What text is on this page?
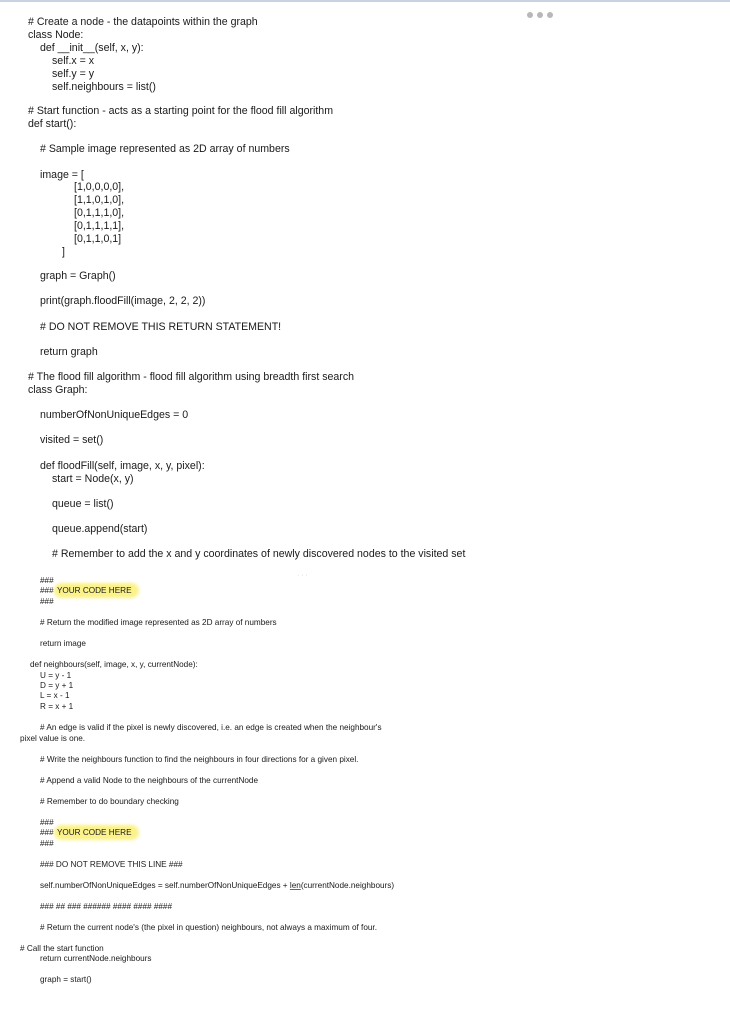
· · ·
# Create a node - the datapoints within the graph
class Node:
def __init__(self, x, y):
self.x = x
self.y = y
self.neighbours = list()
# Start function - acts as a starting point for the flood fill algorithm
def start():
# Sample image represented as 2D array of numbers
image = [
[1,0,0,0,0],
[1,1,0,1,0],
[0,1,1,1,0],
[0,1,1,1,1],
[0,1,1,0,1]
]
graph = Graph()
print(graph.floodFill(image, 2, 2, 2))
# DO NOT REMOVE THIS RETURN STATEMENT!
return graph
# The flood fill algorithm - flood fill algorithm using breadth first search
class Graph:
numberOfNonUniqueEdges = 0
visited = set()
def floodFill(self, image, x, y, pixel):
start = Node(x, y)
queue = list()
queue.append(start)
# Remember to add the x and y coordinates of newly discovered nodes to the visited set
###
### YOUR CODE HERE
###
# Return the modified image represented as 2D array of numbers
return image
def neighbours(self, image, x, y, currentNode):
U = y - 1
D = y + 1
L = x - 1
R = x + 1
# An edge is valid if the pixel is newly discovered, i.e. an edge is created when the neighbour's
pixel value is one.
# Write the neighbours function to find the neighbours in four directions for a given pixel.
# Append a valid Node to the neighbours of the currentNode
# Remember to do boundary checking
###
### YOUR CODE HERE
###
### DO NOT REMOVE THIS LINE ###
self.numberOfNonUniqueEdges = self.numberOfNonUniqueEdges + len(currentNode.neighbours)
### ## ### ###### #### #### ####
# Return the current node's (the pixel in question) neighbours, not always a maximum of four.
# Call the start function
return currentNode.neighbours
graph = start()
